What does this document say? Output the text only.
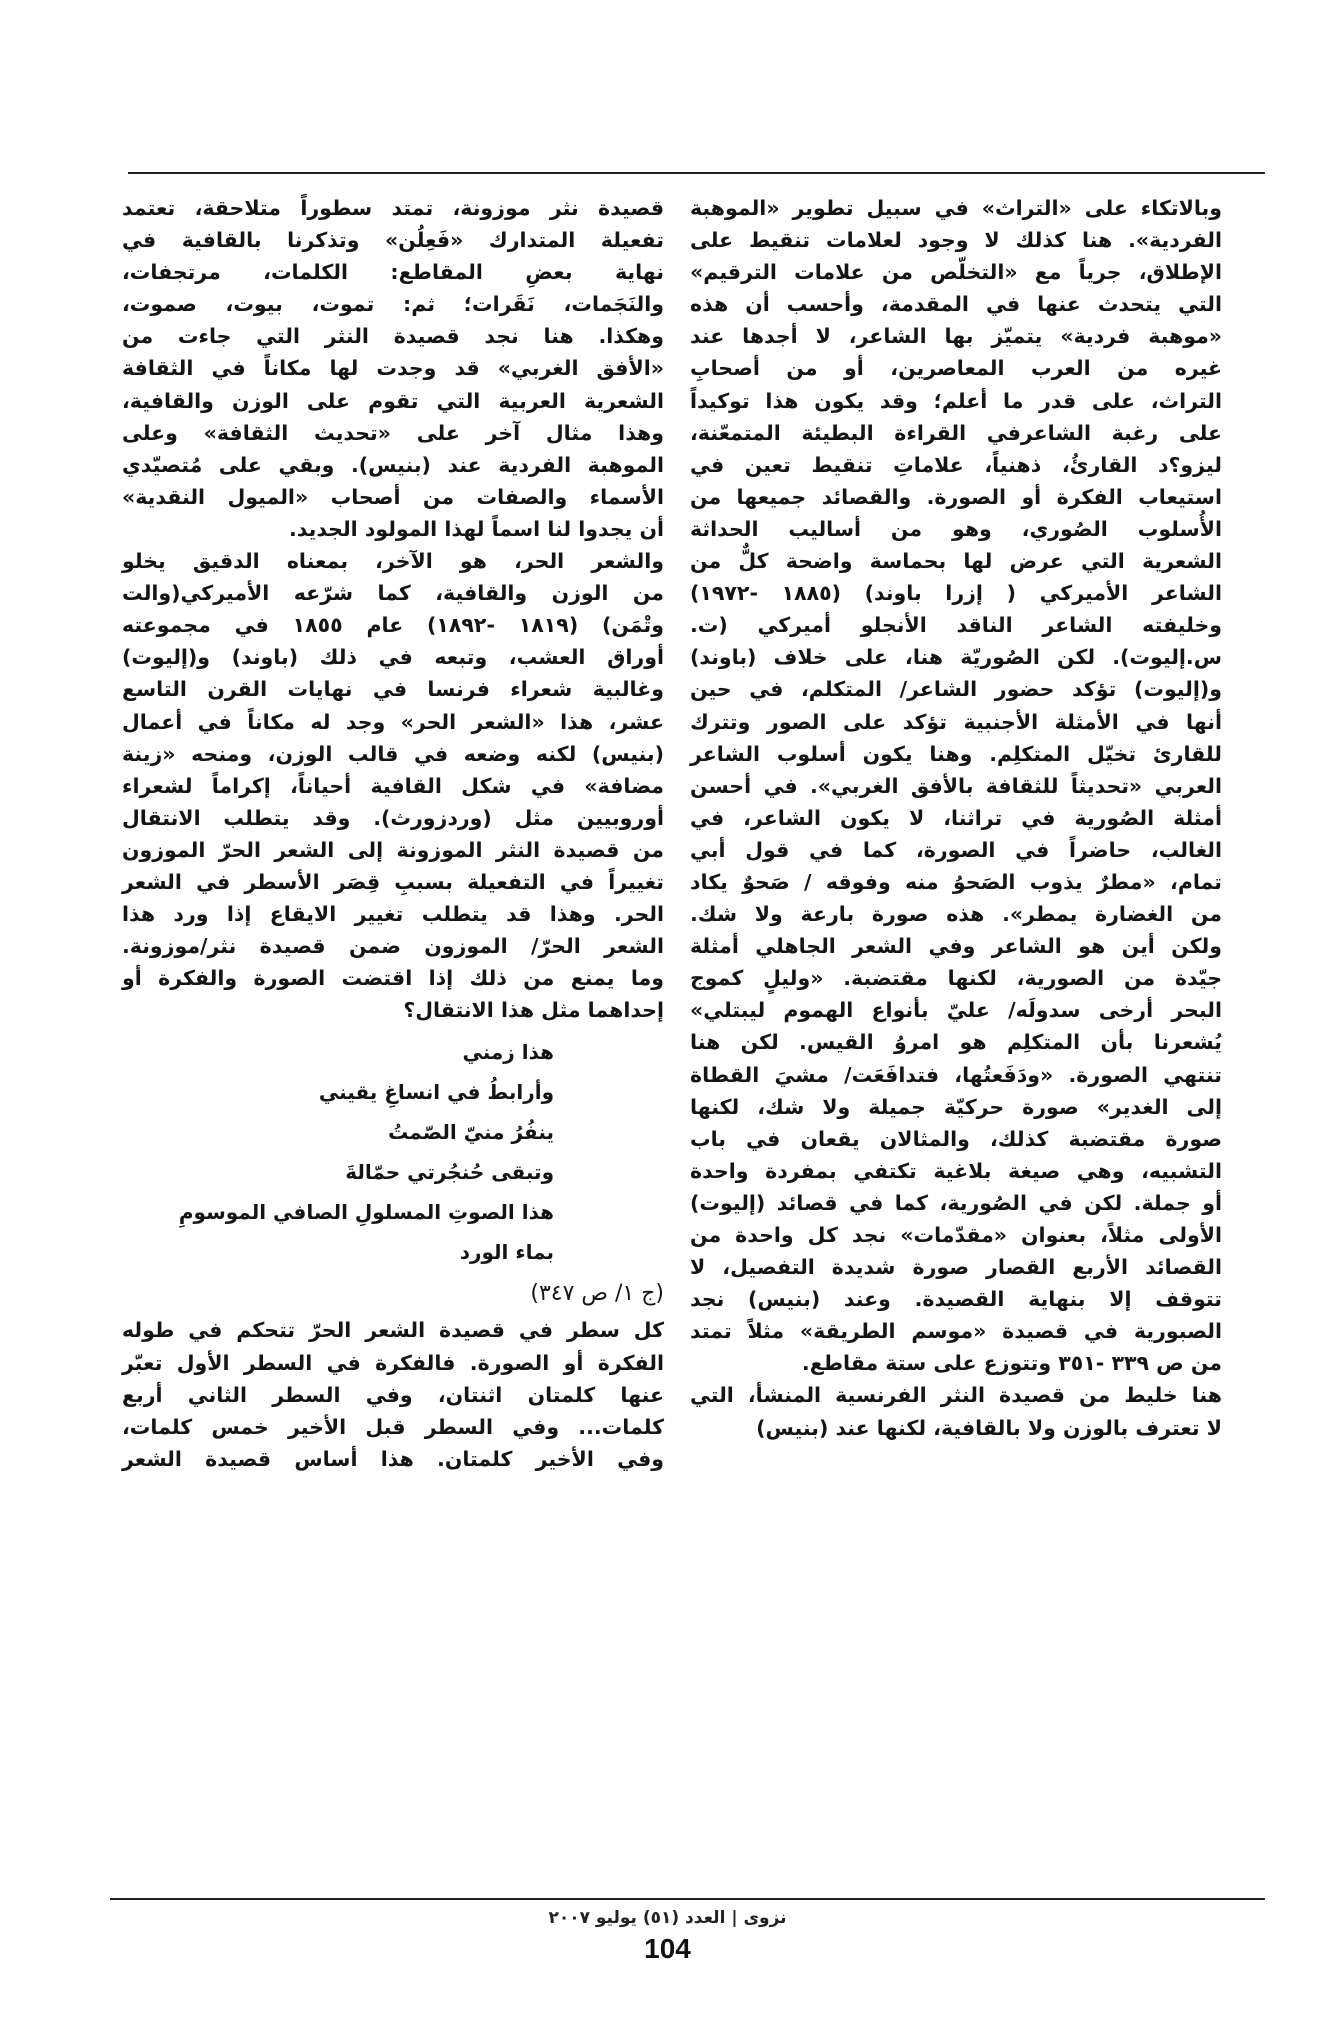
وبالاتكاء على «التراث» في سبيل تطوير «الموهبة
الفردية». هنا كذلك لا وجود لعلامات تنقيط على
الإطلاق، جرياً مع «التخلّص من علامات الترقيم»
التي يتحدث عنها في المقدمة، وأحسب أن هذه
«موهبة فردية» يتميّز بها الشاعر، لا أجدها عند
غيره من العرب المعاصرين، أو من أصحابِ
التراث، على قدر ما أعلم؛ وقد يكون هذا توكيداً
على رغبة الشاعرفي القراءة البطيئة المتمعّنة،
ليزو؟د القارئُ، ذهنياً، علاماتِ تنقيط تعين في
استيعاب الفكرة أو الصورة. والقصائد جميعها من
الأُسلوب الصُوري، وهو من أساليب الحداثة
الشعرية التي عرض لها بحماسة واضحة كلٌّ من
الشاعر الأميركي ( إزرا باوند) (١٨٨٥ -١٩٧٢)
وخليفته الشاعر الناقد الأنجلو أميركي (ت.
س.إليوت). لكن الصُوريّة هنا، على خلاف (باوند)
و(إليوت) تؤكد حضور الشاعر/ المتكلم، في حين
أنها في الأمثلة الأجنبية تؤكد على الصور وتترك
للقارئ تخيّل المتكلِم. وهنا يكون أسلوب الشاعر
العربي «تحديثاً للثقافة بالأفق الغربي». في أحسن
أمثلة الصُورية في تراثنا، لا يكون الشاعر، في
الغالب، حاضراً في الصورة، كما في قول أبي
تمام، «مطرٌ يذوب الصَحوُ منه وفوقه / صَحوٌ يكاد
من الغضارة يمطر». هذه صورة بارعة ولا شك.
ولكن أين هو الشاعر وفي الشعر الجاهلي أمثلة
جيّدة من الصورية، لكنها مقتضبة. «وليلٍ كموج
البحر أرخى سدولَه/ عليّ بأنواع الهموم ليبتلي»
يُشعرنا بأن المتكلِم هو امروُ القيس. لكن هنا
تنتهي الصورة. «ودَفَعتُها، فتدافَعَت/ مشيَ القطاة
إلى الغدير» صورة حركيّة جميلة ولا شك، لكنها
صورة مقتضبة كذلك، والمثالان يقعان في باب
التشبيه، وهي صيغة بلاغية تكتفي بمفردة واحدة
أو جملة. لكن في الصُورية، كما في قصائد (إليوت)
الأولى مثلاً، بعنوان «مقدّمات» نجد كل واحدة من
القصائد الأربع القصار صورة شديدة التفصيل، لا
تتوقف إلا بنهاية القصيدة. وعند (بنيس) نجد
الصبورية في قصيدة «موسم الطريقة» مثلاً تمتد
من ص ٣٣٩ -٣٥١ وتتوزع على ستة مقاطع.
هنا خليط من قصيدة النثر الفرنسية المنشأ، التي
لا تعترف بالوزن ولا بالقافية، لكنها عند (بنيس)
قصيدة نثر موزونة، تمتد سطوراً متلاحقة، تعتمد
تفعيلة المتدارك «فَعِلُن» وتذكرنا بالقافية في
نهاية بعضِ المقاطع: الكلمات، مرتجفات،
والنَجَمات، نَقَرات؛ ثم: تموت، بيوت، صموت،
وهكذا. هنا نجد قصيدة النثر التي جاءت من
«الأفق الغربي» قد وجدت لها مكاناً في الثقافة
الشعرية العربية التي تقوم على الوزن والقافية،
وهذا مثال آخر على «تحديث الثقافة» وعلى
الموهبة الفردية عند (بنيس). وبقي على مُتصيّدي
الأسماء والصفات من أصحاب «الميول النقدية»
أن يجدوا لنا اسماً لهذا المولود الجديد.
والشعر الحر، هو الآخر، بمعناه الدقيق يخلو
من الوزن والقافية، كما شرّعه الأميركي(والت
وتْمَن) (١٨١٩ -١٨٩٢) عام ١٨٥٥ في مجموعته
أوراق العشب، وتبعه في ذلك (باوند) و(إليوت)
وغالبية شعراء فرنسا في نهايات القرن التاسع
عشر، هذا «الشعر الحر» وجد له مكاناً في أعمال
(بنيس) لكنه وضعه في قالب الوزن، ومنحه «زينة
مضافة» في شكل القافية أحياناً، إكراماً لشعراء
أوروبيين مثل (وردزورث). وقد يتطلب الانتقال
من قصيدة النثر الموزونة إلى الشعر الحرّ الموزون
تغييراً في التفعيلة بسببِ قِصَر الأسطر في الشعر
الحر. وهذا قد يتطلب تغيير الايقاع إذا ورد هذا
الشعر الحرّ/ الموزون ضمن قصيدة نثر/موزونة.
وما يمنع من ذلك إذا اقتضت الصورة والفكرة أو
إحداهما مثل هذا الانتقال؟
هذا زمني
وأرابطُ في انساغِ يقيني
ينفُرُ منيّ الصّمتُ
وتبقى حُنجُرتي حمّالةَ
هذا الصوتِ المسلولِ الصافي الموسومِ
بماء الورد
(ج ١/ ص ٣٤٧)
كل سطر في قصيدة الشعر الحرّ تتحكم في طوله
الفكرة أو الصورة. فالفكرة في السطر الأول تعبّر
عنها كلمتان اثنتان، وفي السطر الثاني أربع
كلمات... وفي السطر قبل الأخير خمس كلمات،
وفي الأخير كلمتان. هذا أساس قصيدة الشعر
نزوى | العدد (٥١) يوليو ٢٠٠٧
104
